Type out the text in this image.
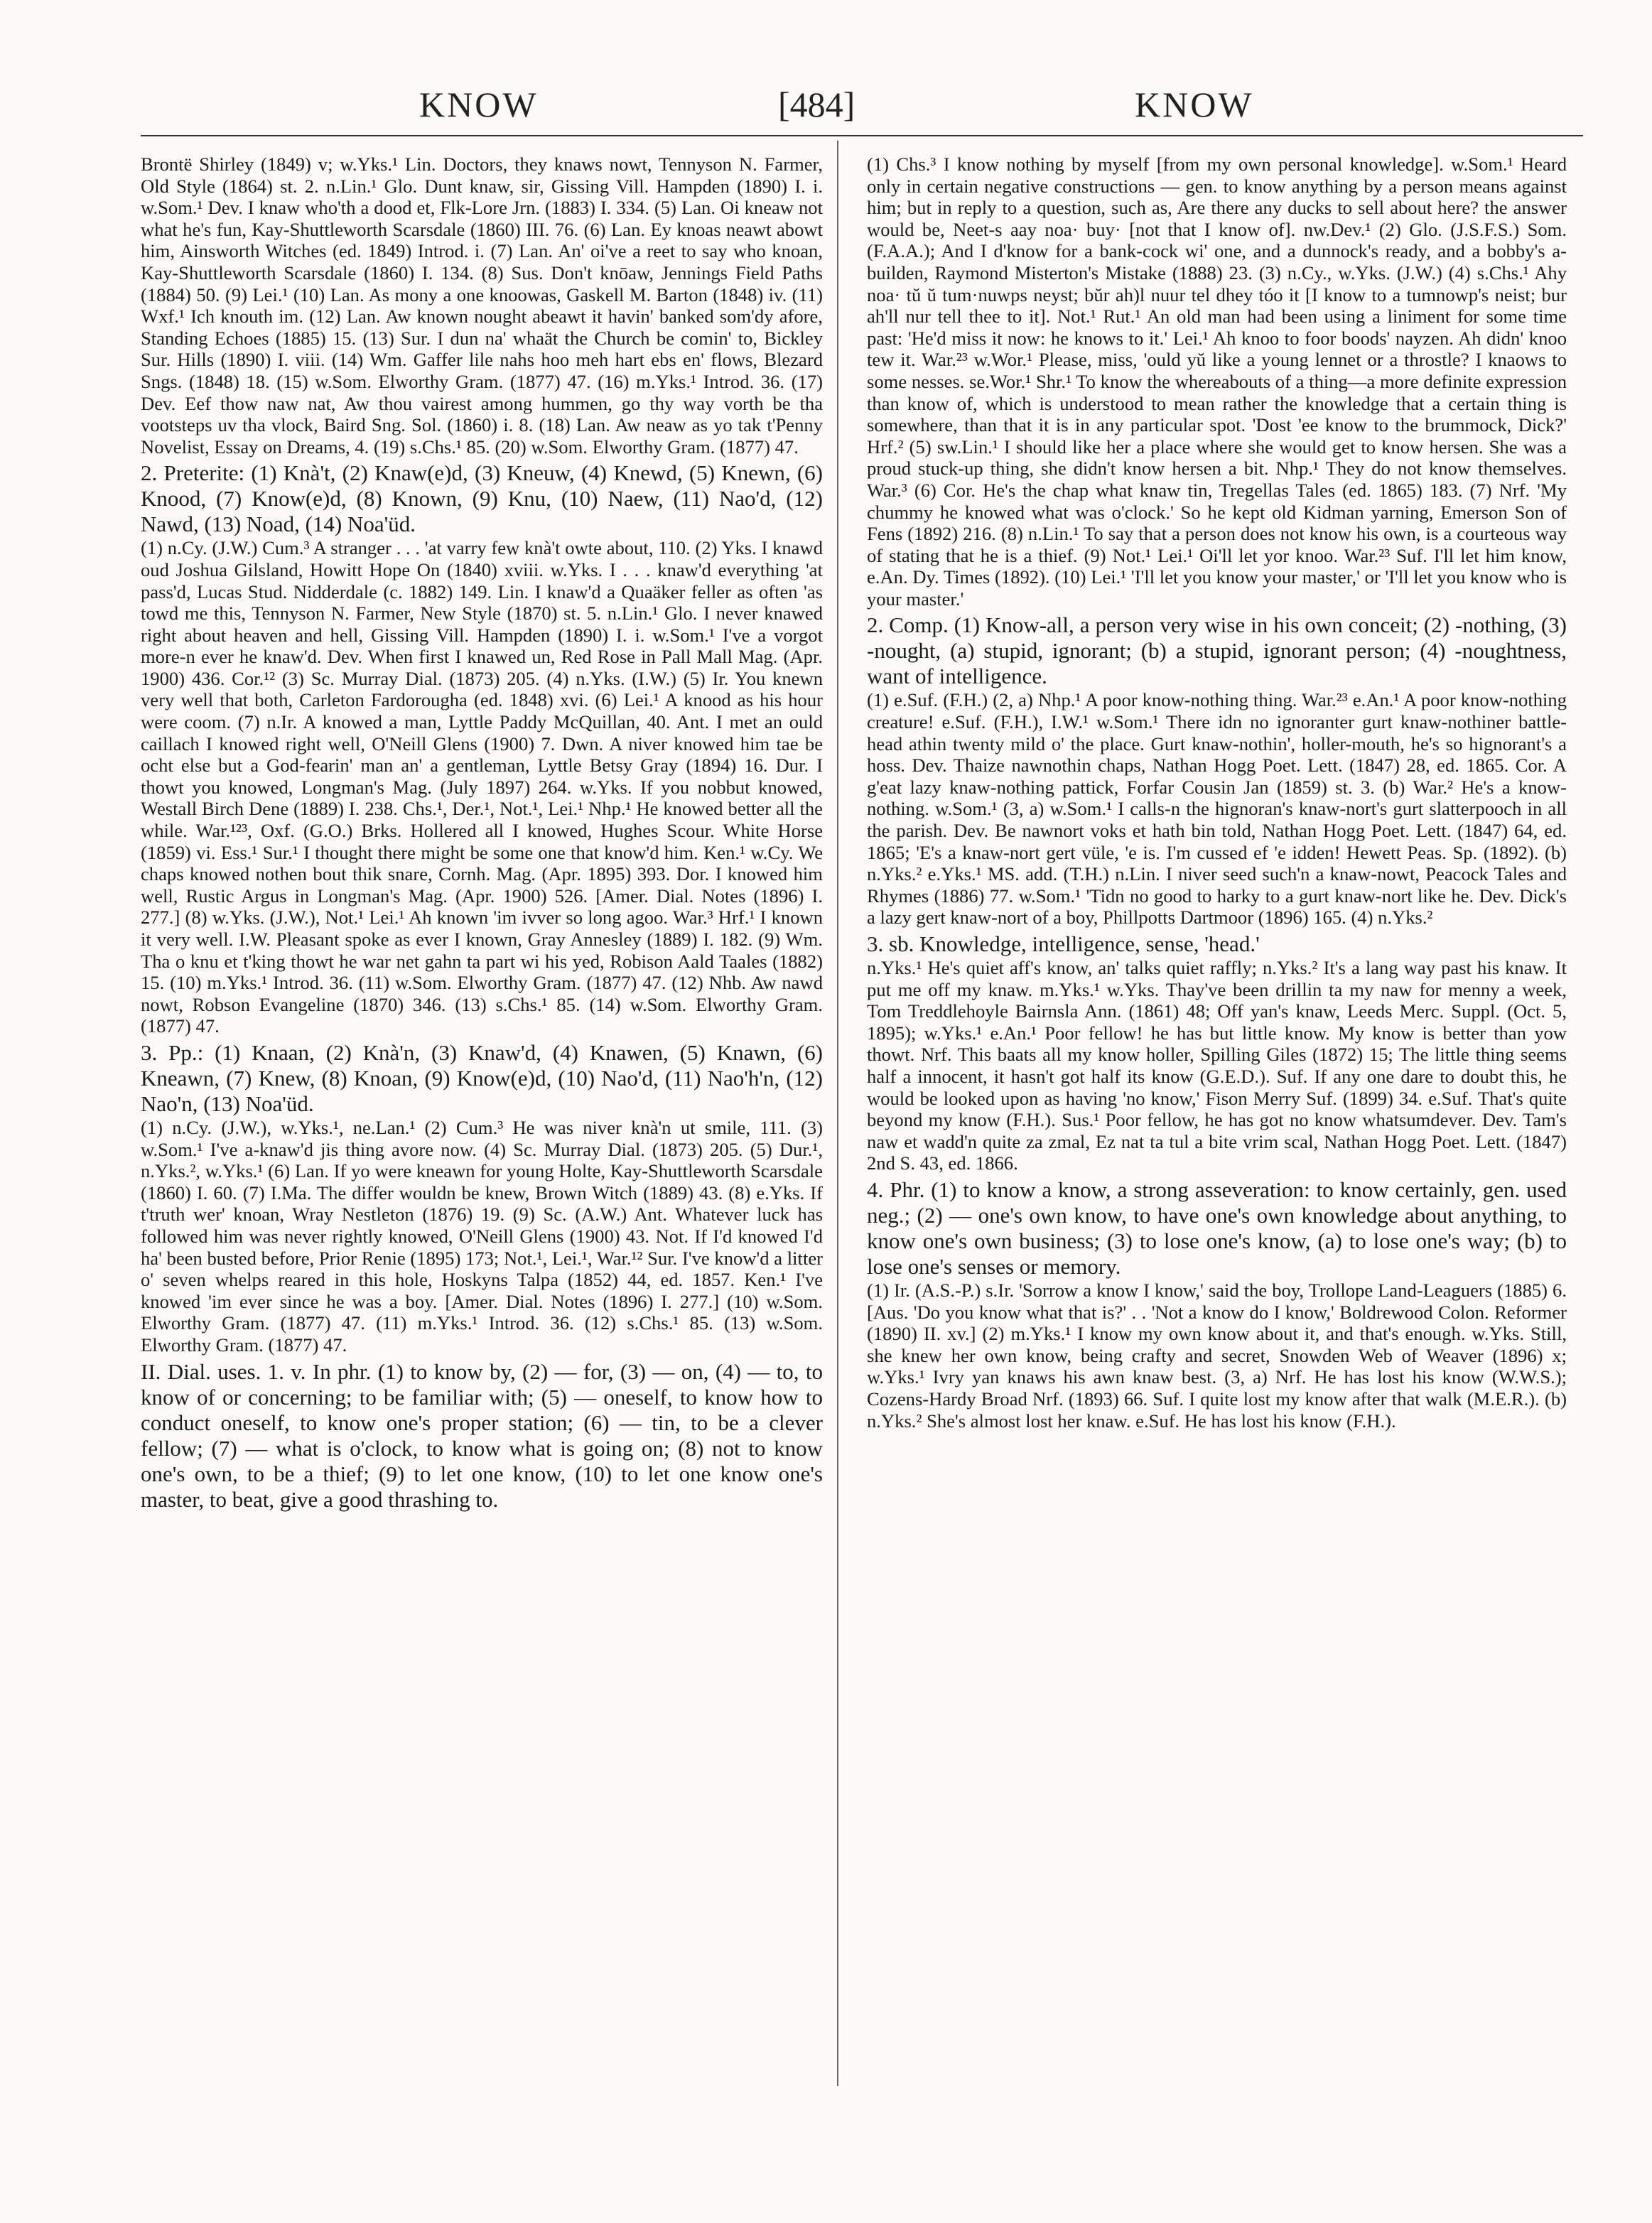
KNOW	[484]	KNOW

Brontë Shirley (1849) v; w.Yks.¹ Lin. Doctors, they knaws nowt, Tennyson N. Farmer, Old Style (1864) st. 2. n.Lin.¹ Glo. Dunt knaw, sir, Gissing Vill. Hampden (1890) I. i. w.Som.¹ Dev. I knaw who'th a dood et, Flk-Lore Jrn. (1883) I. 334. (5) Lan. Oi kneaw not what he's fun, Kay-Shuttleworth Scarsdale (1860) III. 76. (6) Lan. Ey knoas neawt abowt him, Ainsworth Witches (ed. 1849) Introd. i. (7) Lan. An' oi've a reet to say who knoan, Kay-Shuttleworth Scarsdale (1860) I. 134. (8) Sus. Don't knōaw, Jennings Field Paths (1884) 50. (9) Lei.¹ (10) Lan. As mony a one knoowas, Gaskell M. Barton (1848) iv. (11) Wxf.¹ Ich knouth im. (12) Lan. Aw known nought abeawt it havin' banked som'dy afore, Standing Echoes (1885) 15. (13) Sur. I dun na' whaät the Church be comin' to, Bickley Sur. Hills (1890) I. viii. (14) Wm. Gaffer lile nahs hoo meh hart ebs en' flows, Blezard Sngs. (1848) 18. (15) w.Som. Elworthy Gram. (1877) 47. (16) m.Yks.¹ Introd. 36. (17) Dev. Eef thow naw nat, Aw thou vairest among hummen, go thy way vorth be tha vootsteps uv tha vlock, Baird Sng. Sol. (1860) i. 8. (18) Lan. Aw neaw as yo tak t'Penny Novelist, Essay on Dreams, 4. (19) s.Chs.¹ 85. (20) w.Som. Elworthy Gram. (1877) 47.

2. Preterite: (1) Knà't, (2) Knaw(e)d, (3) Kneuw, (4) Knewd, (5) Knewn, (6) Knood, (7) Know(e)d, (8) Known, (9) Knu, (10) Naew, (11) Nao'd, (12) Nawd, (13) Noad, (14) Noa'üd.

(1) n.Cy. (J.W.) Cum.³ A stranger . . . 'at varry few knà't owte about, 110. (2) Yks. I knawd oud Joshua Gilsland, Howitt Hope On (1840) xviii. w.Yks. I . . . knaw'd everything 'at pass'd, Lucas Stud. Nidderdale (c. 1882) 149. Lin. I knaw'd a Quaäker feller as often 'as towd me this, Tennyson N. Farmer, New Style (1870) st. 5. n.Lin.¹ Glo. I never knawed right about heaven and hell, Gissing Vill. Hampden (1890) I. i. w.Som.¹ I've a vorgot more-n ever he knaw'd. Dev. When first I knawed un, Red Rose in Pall Mall Mag. (Apr. 1900) 436. Cor.¹² (3) Sc. Murray Dial. (1873) 205. (4) n.Yks. (I.W.) (5) Ir. You knewn very well that both, Carleton Fardorougha (ed. 1848) xvi. (6) Lei.¹ A knood as his hour were coom. (7) n.Ir. A knowed a man, Lyttle Paddy McQuillan, 40. Ant. I met an ould caillach I knowed right well, O'Neill Glens (1900) 7. Dwn. A niver knowed him tae be ocht else but a God-fearin' man an' a gentleman, Lyttle Betsy Gray (1894) 16. Dur. I thowt you knowed, Longman's Mag. (July 1897) 264. w.Yks. If you nobbut knowed, Westall Birch Dene (1889) I. 238. Chs.¹, Der.¹, Not.¹, Lei.¹ Nhp.¹ He knowed better all the while. War.¹²³, Oxf. (G.O.) Brks. Hollered all I knowed, Hughes Scour. White Horse (1859) vi. Ess.¹ Sur.¹ I thought there might be some one that know'd him. Ken.¹ w.Cy. We chaps knowed nothen bout thik snare, Cornh. Mag. (Apr. 1895) 393. Dor. I knowed him well, Rustic Argus in Longman's Mag. (Apr. 1900) 526. [Amer. Dial. Notes (1896) I. 277.] (8) w.Yks. (J.W.), Not.¹ Lei.¹ Ah known 'im ivver so long agoo. War.³ Hrf.¹ I known it very well. I.W. Pleasant spoke as ever I known, Gray Annesley (1889) I. 182. (9) Wm. Tha o knu et t'king thowt he war net gahn ta part wi his yed, Robison Aald Taales (1882) 15. (10) m.Yks.¹ Introd. 36. (11) w.Som. Elworthy Gram. (1877) 47. (12) Nhb. Aw nawd nowt, Robson Evangeline (1870) 346. (13) s.Chs.¹ 85. (14) w.Som. Elworthy Gram. (1877) 47.

3. Pp.: (1) Knaan, (2) Knà'n, (3) Knaw'd, (4) Knawen, (5) Knawn, (6) Kneawn, (7) Knew, (8) Knoan, (9) Know(e)d, (10) Nao'd, (11) Nao'h'n, (12) Nao'n, (13) Noa'üd.

(1) n.Cy. (J.W.), w.Yks.¹, ne.Lan.¹ (2) Cum.³ He was niver knà'n ut smile, 111. (3) w.Som.¹ I've a-knaw'd jis thing avore now. (4) Sc. Murray Dial. (1873) 205. (5) Dur.¹, n.Yks.², w.Yks.¹ (6) Lan. If yo were kneawn for young Holte, Kay-Shuttleworth Scarsdale (1860) I. 60. (7) I.Ma. The differ wouldn be knew, Brown Witch (1889) 43. (8) e.Yks. If t'truth wer' knoan, Wray Nestleton (1876) 19. (9) Sc. (A.W.) Ant. Whatever luck has followed him was never rightly knowed, O'Neill Glens (1900) 43. Not. If I'd knowed I'd ha' been busted before, Prior Renie (1895) 173; Not.¹, Lei.¹, War.¹² Sur. I've know'd a litter o' seven whelps reared in this hole, Hoskyns Talpa (1852) 44, ed. 1857. Ken.¹ I've knowed 'im ever since he was a boy. [Amer. Dial. Notes (1896) I. 277.] (10) w.Som. Elworthy Gram. (1877) 47. (11) m.Yks.¹ Introd. 36. (12) s.Chs.¹ 85. (13) w.Som. Elworthy Gram. (1877) 47.

II. Dial. uses. 1. v. In phr. (1) to know by, (2) — for, (3) — on, (4) — to, to know of or concerning; to be familiar with; (5) — oneself, to know how to conduct oneself, to know one's proper station; (6) — tin, to be a clever fellow; (7) — what is o'clock, to know what is going on; (8) not to know one's own, to be a thief; (9) to let one know, (10) to let one know one's master, to beat, give a good thrashing to.

(1) Chs.³ I know nothing by myself [from my own personal knowledge]. w.Som.¹ Heard only in certain negative constructions — gen. to know anything by a person means against him; but in reply to a question, such as, Are there any ducks to sell about here? the answer would be, Neet-s aay noa· buy· [not that I know of]. nw.Dev.¹ (2) Glo. (J.S.F.S.) Som. (F.A.A.); And I d'know for a bank-cock wi' one, and a dunnock's ready, and a bobby's a-builden, Raymond Misterton's Mistake (1888) 23. (3) n.Cy., w.Yks. (J.W.) (4) s.Chs.¹ Ahy noa· tŭ ŭ tum·nuwps neyst; bŭr ah)l nuur tel dhey tóo it [I know to a tumnowp's neist; bur ah'll nur tell thee to it]. Not.¹ Rut.¹ An old man had been using a liniment for some time past: 'He'd miss it now: he knows to it.' Lei.¹ Ah knoo to foor boods' nayzen. Ah didn' knoo tew it. War.²³ w.Wor.¹ Please, miss, 'ould yŭ like a young lennet or a throstle? I knaows to some nesses. se.Wor.¹ Shr.¹ To know the whereabouts of a thing—a more definite expression than know of, which is understood to mean rather the knowledge that a certain thing is somewhere, than that it is in any particular spot. 'Dost 'ee know to the brummock, Dick?' Hrf.² (5) sw.Lin.¹ I should like her a place where she would get to know hersen. She was a proud stuck-up thing, she didn't know hersen a bit. Nhp.¹ They do not know themselves. War.³ (6) Cor. He's the chap what knaw tin, Tregellas Tales (ed. 1865) 183. (7) Nrf. 'My chummy he knowed what was o'clock.' So he kept old Kidman yarning, Emerson Son of Fens (1892) 216. (8) n.Lin.¹ To say that a person does not know his own, is a courteous way of stating that he is a thief. (9) Not.¹ Lei.¹ Oi'll let yor knoo. War.²³ Suf. I'll let him know, e.An. Dy. Times (1892). (10) Lei.¹ 'I'll let you know your master,' or 'I'll let you know who is your master.'

2. Comp. (1) Know-all, a person very wise in his own conceit; (2) -nothing, (3) -nought, (a) stupid, ignorant; (b) a stupid, ignorant person; (4) -noughtness, want of intelligence.

(1) e.Suf. (F.H.) (2, a) Nhp.¹ A poor know-nothing thing. War.²³ e.An.¹ A poor know-nothing creature! e.Suf. (F.H.), I.W.¹ w.Som.¹ There idn no ignoranter gurt knaw-nothiner battle-head athin twenty mild o' the place. Gurt knaw-nothin', holler-mouth, he's so hignorant's a hoss. Dev. Thaize nawnothin chaps, Nathan Hogg Poet. Lett. (1847) 28, ed. 1865. Cor. A g'eat lazy knaw-nothing pattick, Forfar Cousin Jan (1859) st. 3. (b) War.² He's a know-nothing. w.Som.¹ (3, a) w.Som.¹ I calls-n the hignoran's knaw-nort's gurt slatterpooch in all the parish. Dev. Be nawnort voks et hath bin told, Nathan Hogg Poet. Lett. (1847) 64, ed. 1865; 'E's a knaw-nort gert vüle, 'e is. I'm cussed ef 'e idden! Hewett Peas. Sp. (1892). (b) n.Yks.² e.Yks.¹ MS. add. (T.H.) n.Lin. I niver seed such'n a knaw-nowt, Peacock Tales and Rhymes (1886) 77. w.Som.¹ 'Tidn no good to harky to a gurt knaw-nort like he. Dev. Dick's a lazy gert knaw-nort of a boy, Phillpotts Dartmoor (1896) 165. (4) n.Yks.²

3. sb. Knowledge, intelligence, sense, 'head.'

n.Yks.¹ He's quiet aff's know, an' talks quiet raffly; n.Yks.² It's a lang way past his knaw. It put me off my knaw. m.Yks.¹ w.Yks. Thay've been drillin ta my naw for menny a week, Tom Treddlehoyle Bairnsla Ann. (1861) 48; Off yan's knaw, Leeds Merc. Suppl. (Oct. 5, 1895); w.Yks.¹ e.An.¹ Poor fellow! he has but little know. My know is better than yow thowt. Nrf. This baats all my know holler, Spilling Giles (1872) 15; The little thing seems half a innocent, it hasn't got half its know (G.E.D.). Suf. If any one dare to doubt this, he would be looked upon as having 'no know,' Fison Merry Suf. (1899) 34. e.Suf. That's quite beyond my know (F.H.). Sus.¹ Poor fellow, he has got no know whatsumdever. Dev. Tam's naw et wadd'n quite za zmal, Ez nat ta tul a bite vrim scal, Nathan Hogg Poet. Lett. (1847) 2nd S. 43, ed. 1866.

4. Phr. (1) to know a know, a strong asseveration: to know certainly, gen. used neg.; (2) — one's own know, to have one's own knowledge about anything, to know one's own business; (3) to lose one's know, (a) to lose one's way; (b) to lose one's senses or memory.

(1) Ir. (A.S.-P.) s.Ir. 'Sorrow a know I know,' said the boy, Trollope Land-Leaguers (1885) 6. [Aus. 'Do you know what that is?' . . 'Not a know do I know,' Boldrewood Colon. Reformer (1890) II. xv.] (2) m.Yks.¹ I know my own know about it, and that's enough. w.Yks. Still, she knew her own know, being crafty and secret, Snowden Web of Weaver (1896) x; w.Yks.¹ Ivry yan knaws his awn knaw best. (3, a) Nrf. He has lost his know (W.W.S.); Cozens-Hardy Broad Nrf. (1893) 66. Suf. I quite lost my know after that walk (M.E.R.). (b) n.Yks.² She's almost lost her knaw. e.Suf. He has lost his know (F.H.).
